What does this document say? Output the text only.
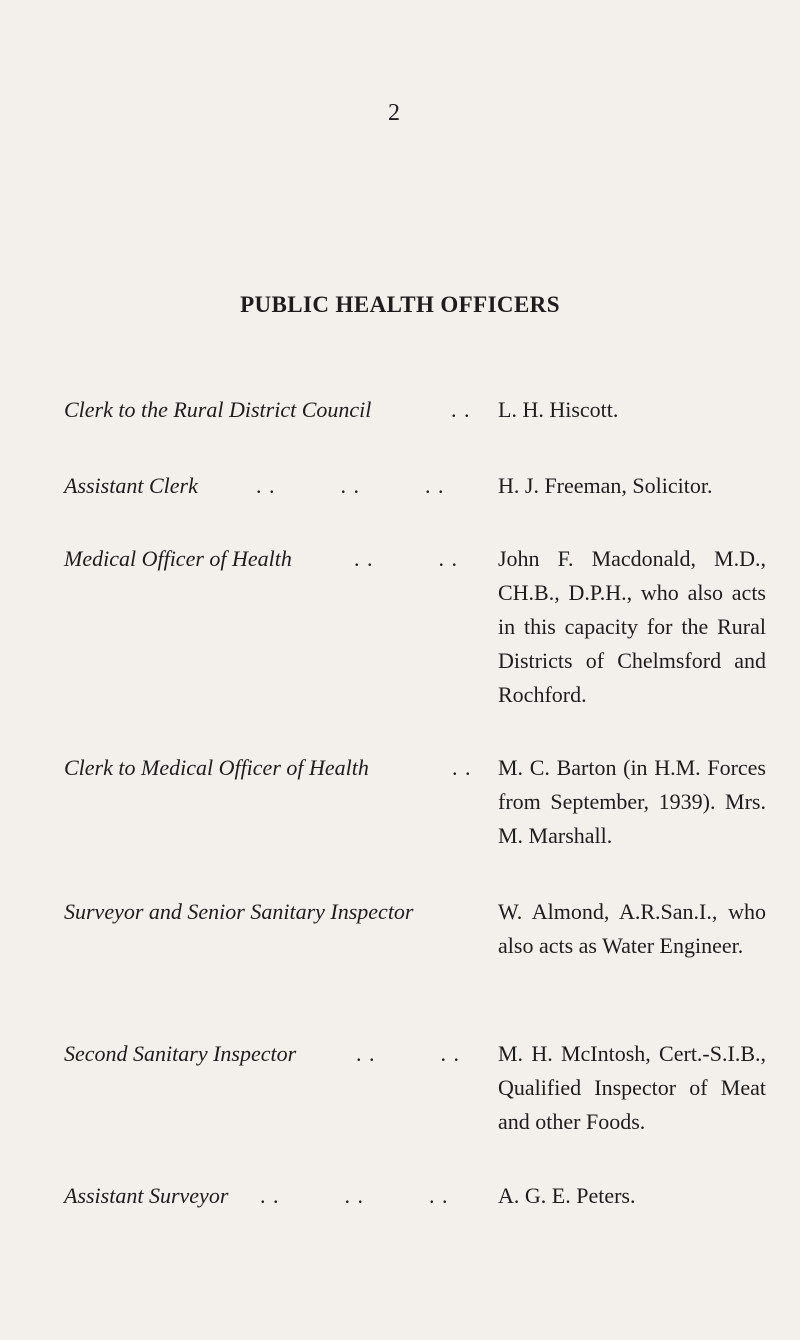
2
PUBLIC HEALTH OFFICERS
Clerk to the Rural District Council	. . L. H. Hiscott.
Assistant Clerk	. .          . .          . . H. J. Freeman, Solicitor.
Medical Officer of Health	. .          . . John F. Macdonald, M.D., CH.B., D.P.H., who also acts in this capacity for the Rural Districts of Chelmsford and Rochford.
Clerk to Medical Officer of Health	. . M. C. Barton (in H.M. Forces from September, 1939). Mrs. M. Marshall.
Surveyor and Senior Sanitary Inspector	W. Almond, A.R.San.I., who also acts as Water Engineer.
Second Sanitary Inspector	. .          . . M. H. McIntosh, Cert.-S.I.B., Qualified Inspector of Meat and other Foods.
Assistant Surveyor . .          . .          . . A. G. E. Peters.
